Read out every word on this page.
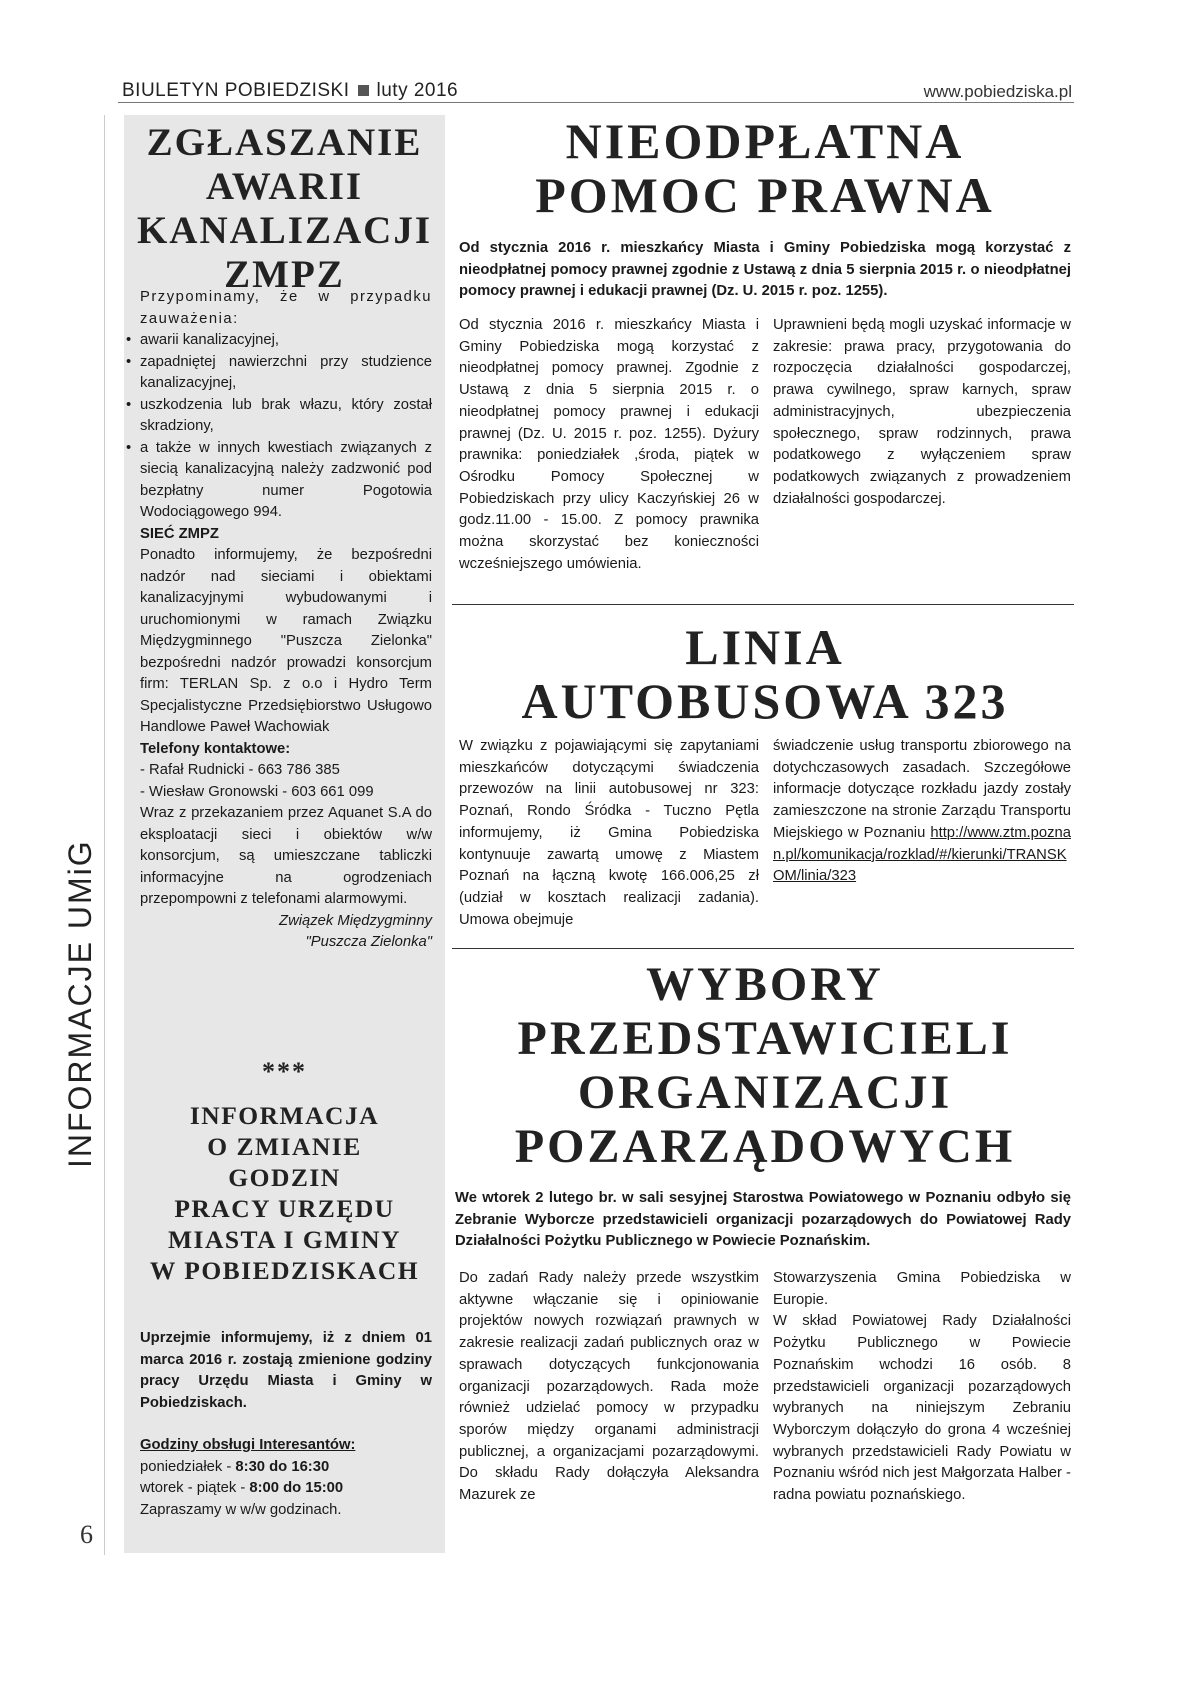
BIULETYN POBIEDZISKI luty 2016	www.pobiedziska.pl
INFORMACJE UMiG
6
ZGŁASZANIE
AWARII
KANALIZACJI
ZMPZ
Przypominamy, że w przypadku zauważenia:
• awarii kanalizacyjnej,
• zapadniętej nawierzchni przy studzience kanalizacyjnej,
• uszkodzenia lub brak włazu, który został skradziony,
• a także w innych kwestiach związanych z siecią kanalizacyjną należy zadzwonić pod bezpłatny numer Pogotowia Wodociągowego 994.
SIEĆ ZMPZ
Ponadto informujemy, że bezpośredni nadzór nad sieciami i obiektami kanalizacyjnymi wybudowanymi i uruchomionymi w ramach Związku Międzygminnego "Puszcza Zielonka" bezpośredni nadzór prowadzi konsorcjum firm: TERLAN Sp. z o.o i Hydro Term Specjalistyczne Przedsiębiorstwo Usługowo Handlowe Paweł Wachowiak
Telefony kontaktowe:
- Rafał Rudnicki - 663 786 385
- Wiesław Gronowski - 603 661 099
Wraz z przekazaniem przez Aquanet S.A do eksploatacji sieci i obiektów w/w konsorcjum, są umieszczane tabliczki informacyjne na ogrodzeniach przepompowni z telefonami alarmowymi.
Związek Międzygminny
"Puszcza Zielonka"
***
INFORMACJA
O ZMIANIE
GODZIN
PRACY URZĘDU
MIASTA I GMINY
W POBIEDZISKACH
Uprzejmie informujemy, iż z dniem 01 marca 2016 r. zostają zmienione godziny pracy Urzędu Miasta i Gminy w Pobiedziskach.
Godziny obsługi Interesantów:
poniedziałek - 8:30 do 16:30
wtorek - piątek - 8:00 do 15:00
Zapraszamy w w/w godzinach.
NIEODPŁATNA
POMOC PRAWNA
Od stycznia 2016 r. mieszkańcy Miasta i Gminy Pobiedziska mogą korzystać z nieodpłatnej pomocy prawnej zgodnie z Ustawą z dnia 5 sierpnia 2015 r. o nieodpłatnej pomocy prawnej i edukacji prawnej (Dz. U. 2015 r. poz. 1255).
Od stycznia 2016 r. mieszkańcy Miasta i Gminy Pobiedziska mogą korzystać z nieodpłatnej pomocy prawnej. Zgodnie z Ustawą z dnia 5 sierpnia 2015 r. o nieodpłatnej pomocy prawnej i edukacji prawnej (Dz. U. 2015 r. poz. 1255). Dyżury prawnika: poniedziałek ,środa, piątek w Ośrodku Pomocy Społecznej w Pobiedziskach przy ulicy Kaczyńskiej 26 w godz.11.00 - 15.00. Z pomocy prawnika można skorzystać bez konieczności wcześniejszego umówienia.
Uprawnieni będą mogli uzyskać informacje w zakresie: prawa pracy, przygotowania do rozpoczęcia działalności gospodarczej, prawa cywilnego, spraw karnych, spraw administracyjnych, ubezpieczenia społecznego, spraw rodzinnych, prawa podatkowego z wyłączeniem spraw podatkowych związanych z prowadzeniem działalności gospodarczej.
LINIA
AUTOBUSOWA 323
W związku z pojawiającymi się zapytaniami mieszkańców dotyczącymi świadczenia przewozów na linii autobusowej nr 323: Poznań, Rondo Śródka - Tuczno Pętla informujemy, iż Gmina Pobiedziska kontynuuje zawartą umowę z Miastem Poznań na łączną kwotę 166.006,25 zł (udział w kosztach realizacji zadania). Umowa obejmuje
świadczenie usług transportu zbiorowego na dotychczasowych zasadach. Szczegółowe informacje dotyczące rozkładu jazdy zostały zamieszczone na stronie Zarządu Transportu Miejskiego w Poznaniu http://www.ztm.poznan.pl/komunikacja/rozklad/#/kierunki/TRANSKOM/linia/323
WYBORY
PRZEDSTAWICIELI
ORGANIZACJI
POZARZĄDOWYCH
We wtorek 2 lutego br. w sali sesyjnej Starostwa Powiatowego w Poznaniu odbyło się Zebranie Wyborcze przedstawicieli organizacji pozarządowych do Powiatowej Rady Działalności Pożytku Publicznego w Powiecie Poznańskim.
Do zadań Rady należy przede wszystkim aktywne włączanie się i opiniowanie projektów nowych rozwiązań prawnych w zakresie realizacji zadań publicznych oraz w sprawach dotyczących funkcjonowania organizacji pozarządowych. Rada może również udzielać pomocy w przypadku sporów między organami administracji publicznej, a organizacjami pozarządowymi. Do składu Rady dołączyła Aleksandra Mazurek ze
Stowarzyszenia Gmina Pobiedziska w Europie.
W skład Powiatowej Rady Działalności Pożytku Publicznego w Powiecie Poznańskim wchodzi 16 osób. 8 przedstawicieli organizacji pozarządowych wybranych na niniejszym Zebraniu Wyborczym dołączyło do grona 4 wcześniej wybranych przedstawicieli Rady Powiatu w Poznaniu wśród nich jest Małgorzata Halber - radna powiatu poznańskiego.
